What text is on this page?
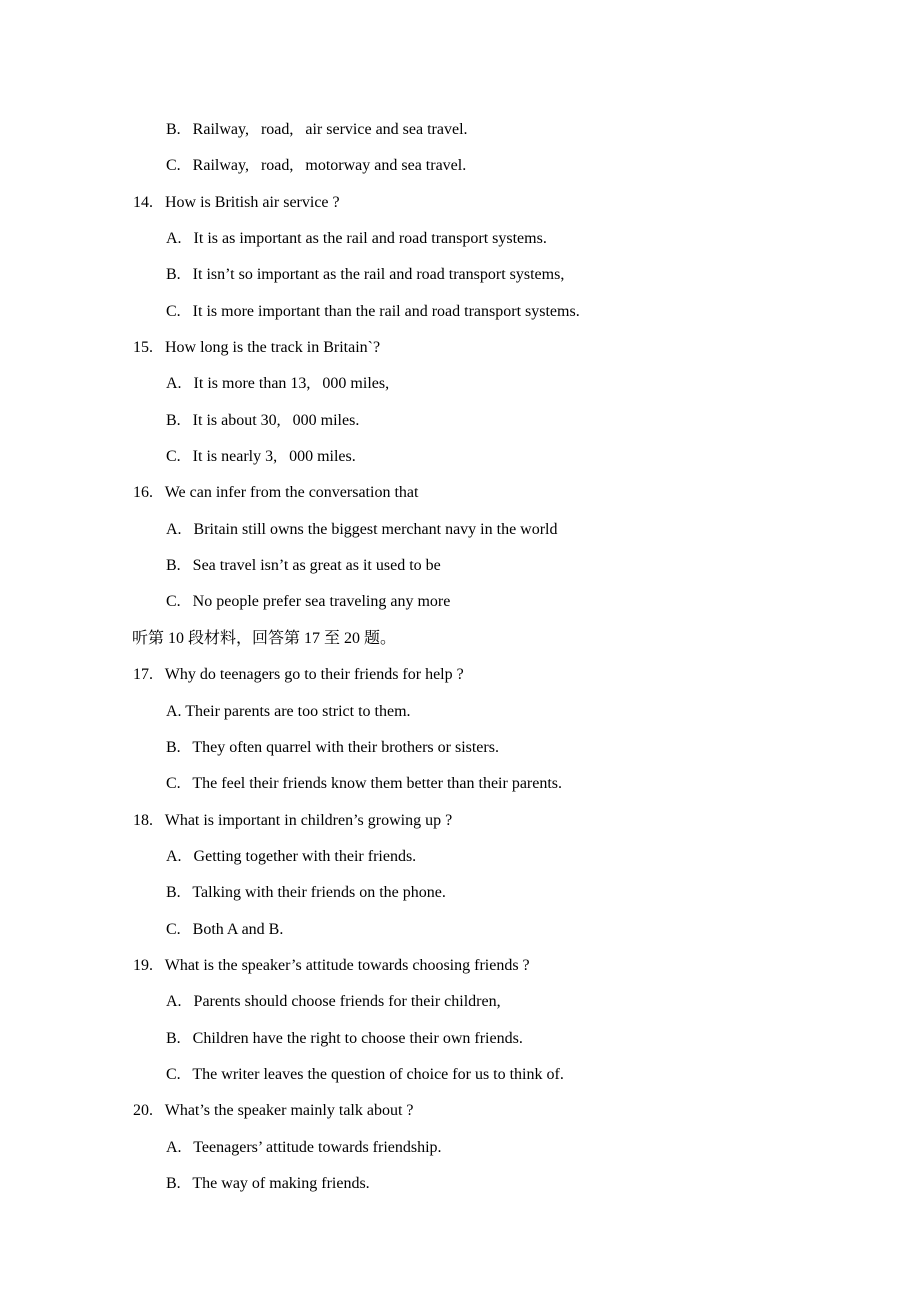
B.   Railway,   road,   air service and sea travel.
C.   Railway,   road,   motorway and sea travel.
14.   How is British air service ?
A.   It is as important as the rail and road transport systems.
B.   It isn’t so important as the rail and road transport systems,
C.   It is more important than the rail and road transport systems.
15.   How long is the track in Britain`?
A.   It is more than 13,   000 miles,
B.   It is about 30,   000 miles.
C.   It is nearly 3,   000 miles.
16.   We can infer from the conversation that
A.   Britain still owns the biggest merchant navy in the world
B.   Sea travel isn’t as great as it used to be
C.   No people prefer sea traveling any more
听第 10 段材料，回答第 17 至 20 题。
17.   Why do teenagers go to their friends for help ?
A. Their parents are too strict to them.
B.   They often quarrel with their brothers or sisters.
C.   The feel their friends know them better than their parents.
18.   What is important in children’s growing up ?
A.   Getting together with their friends.
B.   Talking with their friends on the phone.
C.   Both A and B.
19.   What is the speaker’s attitude towards choosing friends ?
A.   Parents should choose friends for their children,
B.   Children have the right to choose their own friends.
C.   The writer leaves the question of choice for us to think of.
20.   What’s the speaker mainly talk about ?
A.   Teenagers’ attitude towards friendship.
B.   The way of making friends.
